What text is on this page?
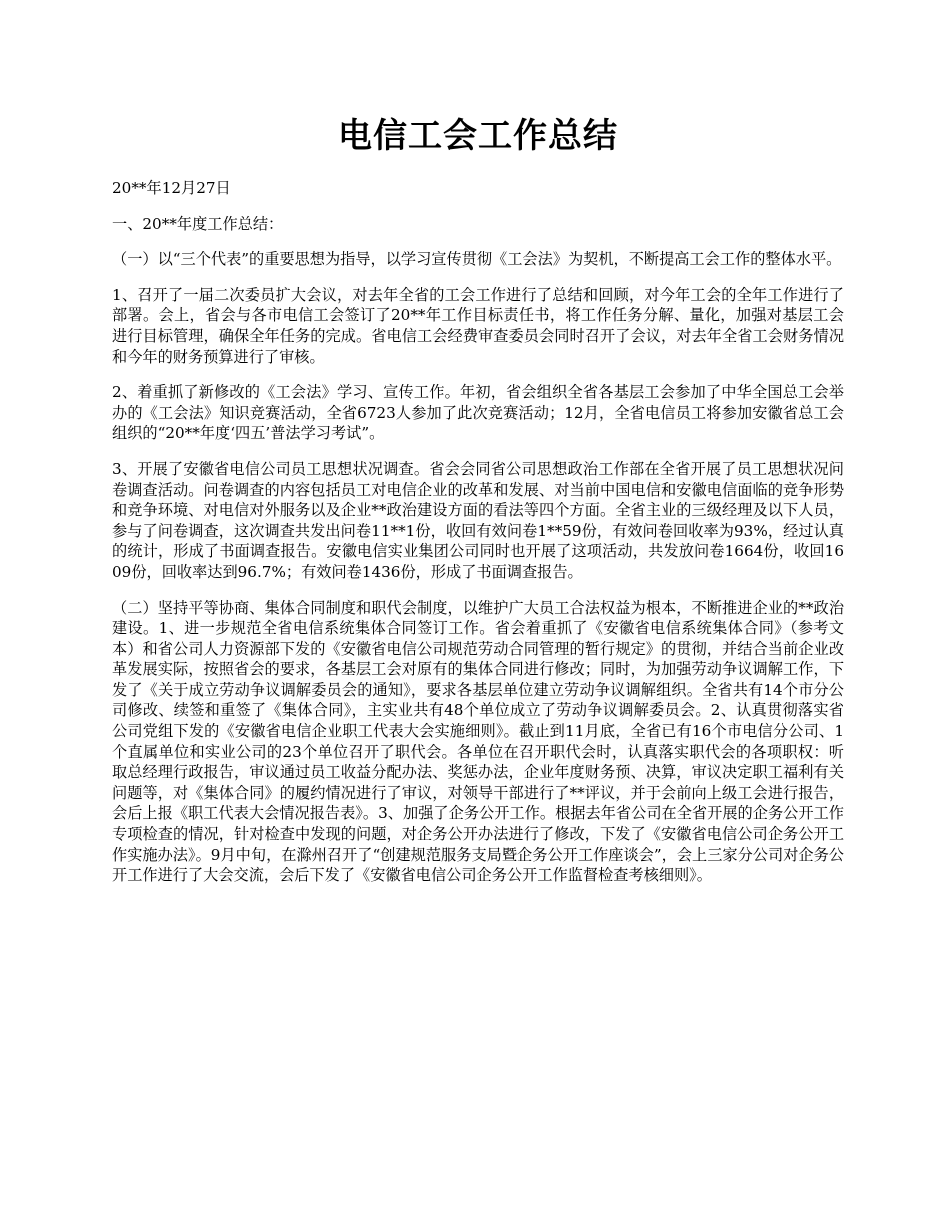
电信工会工作总结

20**年12月27日

一、20**年度工作总结：

（一）以“三个代表”的重要思想为指导，以学习宣传贯彻《工会法》为契机，不断提高工会工作的整体水平。

1、召开了一届二次委员扩大会议，对去年全省的工会工作进行了总结和回顾，对今年工会的全年工作进行了部署。会上，省会与各市电信工会签订了20**年工作目标责任书，将工作任务分解、量化，加强对基层工会进行目标管理，确保全年任务的完成。省电信工会经费审查委员会同时召开了会议，对去年全省工会财务情况和今年的财务预算进行了审核。

2、着重抓了新修改的《工会法》学习、宣传工作。年初，省会组织全省各基层工会参加了中华全国总工会举办的《工会法》知识竞赛活动，全省6723人参加了此次竞赛活动；12月，全省电信员工将参加安徽省总工会组织的“20**年度‘四五’普法学习考试”。

3、开展了安徽省电信公司员工思想状况调查。省会会同省公司思想政治工作部在全省开展了员工思想状况问卷调查活动。问卷调查的内容包括员工对电信企业的改革和发展、对当前中国电信和安徽电信面临的竞争形势和竞争环境、对电信对外服务以及企业**政治建设方面的看法等四个方面。全省主业的三级经理及以下人员，参与了问卷调查，这次调查共发出问卷11**1份，收回有效问卷1**59份，有效问卷回收率为93%，经过认真的统计，形成了书面调查报告。安徽电信实业集团公司同时也开展了这项活动，共发放问卷1664份，收回1609份，回收率达到96.7%；有效问卷1436份，形成了书面调查报告。

（二）坚持平等协商、集体合同制度和职代会制度，以维护广大员工合法权益为根本，不断推进企业的**政治建设。1、进一步规范全省电信系统集体合同签订工作。省会着重抓了《安徽省电信系统集体合同》（参考文本）和省公司人力资源部下发的《安徽省电信公司规范劳动合同管理的暂行规定》的贯彻，并结合当前企业改革发展实际，按照省会的要求，各基层工会对原有的集体合同进行修改；同时，为加强劳动争议调解工作，下发了《关于成立劳动争议调解委员会的通知》，要求各基层单位建立劳动争议调解组织。全省共有14个市分公司修改、续签和重签了《集体合同》，主实业共有48个单位成立了劳动争议调解委员会。2、认真贯彻落实省公司党组下发的《安徽省电信企业职工代表大会实施细则》。截止到11月底，全省已有16个市电信分公司、1个直属单位和实业公司的23个单位召开了职代会。各单位在召开职代会时，认真落实职代会的各项职权：听取总经理行政报告，审议通过员工收益分配办法、奖惩办法，企业年度财务预、决算，审议决定职工福利有关问题等，对《集体合同》的履约情况进行了审议，对领导干部进行了**评议，并于会前向上级工会进行报告，会后上报《职工代表大会情况报告表》。3、加强了企务公开工作。根据去年省公司在全省开展的企务公开工作专项检查的情况，针对检查中发现的问题，对企务公开办法进行了修改，下发了《安徽省电信公司企务公开工作实施办法》。9月中旬，在滁州召开了“创建规范服务支局暨企务公开工作座谈会”，会上三家分公司对企务公开工作进行了大会交流，会后下发了《安徽省电信公司企务公开工作监督检查考核细则》。
